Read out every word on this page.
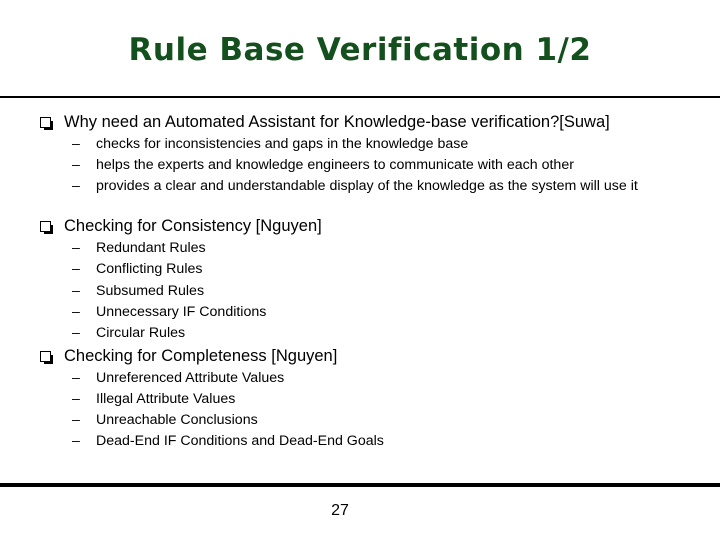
Rule Base Verification 1/2
Why need an Automated Assistant for Knowledge-base verification?[Suwa]
– checks for inconsistencies and gaps in the knowledge base
– helps the experts and knowledge engineers to communicate with each other
– provides a clear and understandable display of the knowledge as the system will use it
Checking for Consistency [Nguyen]
– Redundant Rules
– Conflicting Rules
– Subsumed Rules
– Unnecessary IF Conditions
– Circular Rules
Checking for Completeness [Nguyen]
– Unreferenced Attribute Values
– Illegal Attribute Values
– Unreachable Conclusions
– Dead-End IF Conditions and Dead-End Goals
27
